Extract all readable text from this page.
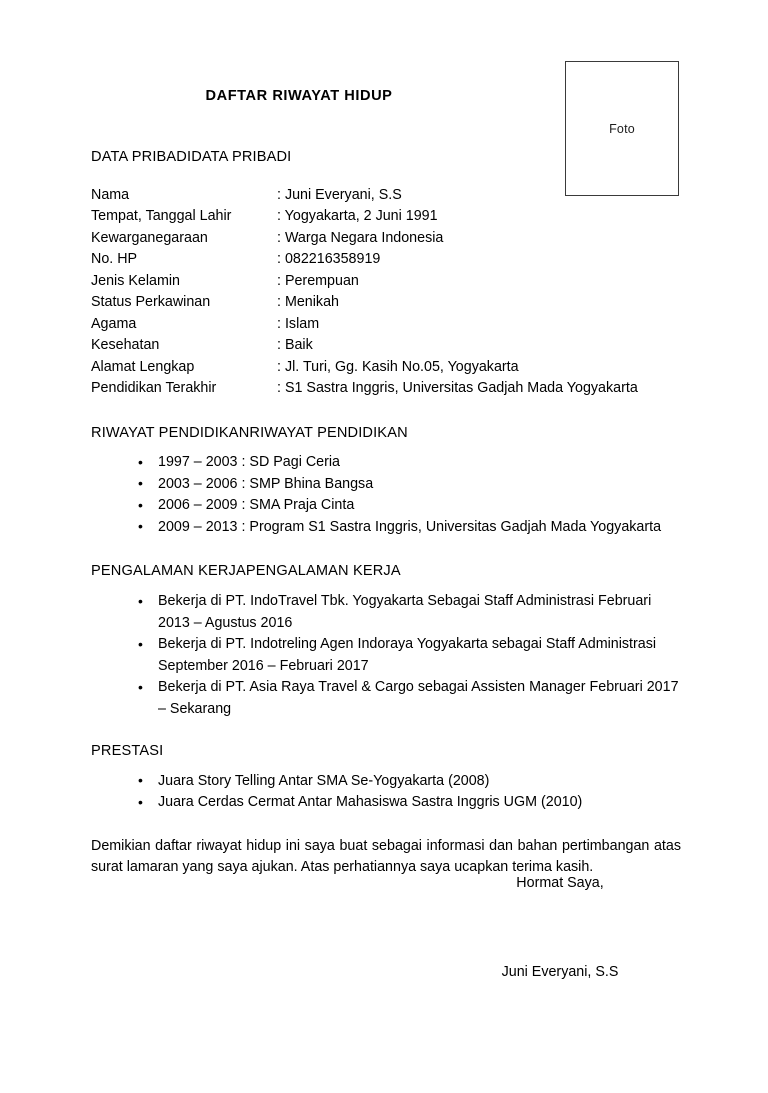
Foto
DAFTAR RIWAYAT HIDUP
DATA PRIBADIDATA PRIBADI
Nama	: Juni Everyani, S.S
Tempat, Tanggal Lahir	: Yogyakarta, 2 Juni 1991
Kewarganegaraan	: Warga Negara Indonesia
No. HP	: 082216358919
Jenis Kelamin	: Perempuan
Status Perkawinan	: Menikah
Agama	: Islam
Kesehatan	: Baik
Alamat Lengkap	: Jl. Turi, Gg. Kasih No.05, Yogyakarta
Pendidikan Terakhir	: S1 Sastra Inggris, Universitas Gadjah Mada Yogyakarta
RIWAYAT PENDIDIKANRIWAYAT PENDIDIKAN
• 1997 – 2003 : SD Pagi Ceria
• 2003 – 2006 : SMP Bhina Bangsa
• 2006 – 2009 : SMA Praja Cinta
• 2009 – 2013 : Program S1 Sastra Inggris, Universitas Gadjah Mada Yogyakarta
PENGALAMAN KERJAPENGALAMAN KERJA
• Bekerja di PT. IndoTravel Tbk. Yogyakarta Sebagai Staff Administrasi Februari 2013 – Agustus 2016
• Bekerja di PT. Indotreling Agen Indoraya Yogyakarta sebagai Staff Administrasi September 2016 – Februari 2017
• Bekerja di PT. Asia Raya Travel & Cargo sebagai Assisten Manager Februari 2017 – Sekarang
PRESTASI
• Juara Story Telling Antar SMA Se-Yogyakarta (2008)
• Juara Cerdas Cermat Antar Mahasiswa Sastra Inggris UGM (2010)
Demikian daftar riwayat hidup ini saya buat sebagai informasi dan bahan pertimbangan atas surat lamaran yang saya ajukan. Atas perhatiannya saya ucapkan terima kasih.
Hormat Saya,
Juni Everyani, S.S
